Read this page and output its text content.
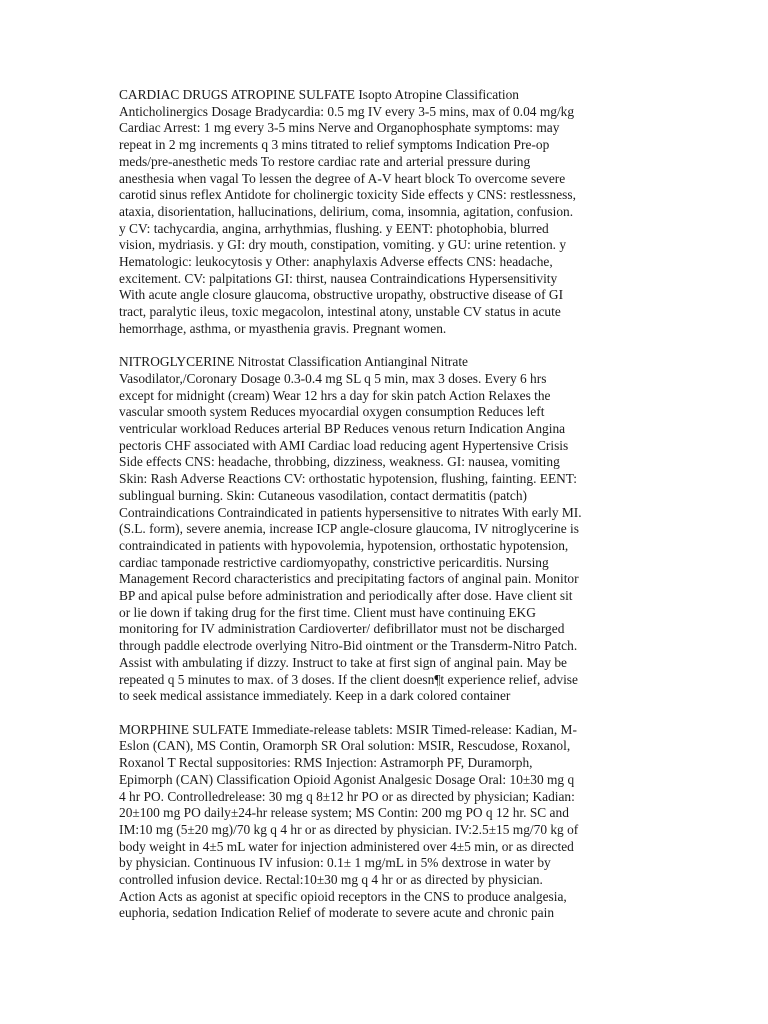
CARDIAC DRUGS ATROPINE SULFATE Isopto Atropine Classification
Anticholinergics Dosage Bradycardia: 0.5 mg IV every 3-5 mins, max of 0.04 mg/kg
Cardiac Arrest: 1 mg every 3-5 mins Nerve and Organophosphate symptoms: may
repeat in 2 mg increments q 3 mins titrated to relief symptoms Indication Pre-op
meds/pre-anesthetic meds To restore cardiac rate and arterial pressure during
anesthesia when vagal To lessen the degree of A-V heart block To overcome severe
carotid sinus reflex Antidote for cholinergic toxicity Side effects y CNS: restlessness,
ataxia, disorientation, hallucinations, delirium, coma, insomnia, agitation, confusion.
y CV: tachycardia, angina, arrhythmias, flushing. y EENT: photophobia, blurred
vision, mydriasis. y GI: dry mouth, constipation, vomiting. y GU: urine retention. y
Hematologic: leukocytosis y Other: anaphylaxis Adverse effects CNS: headache,
excitement. CV: palpitations GI: thirst, nausea Contraindications Hypersensitivity
With acute angle closure glaucoma, obstructive uropathy, obstructive disease of GI
tract, paralytic ileus, toxic megacolon, intestinal atony, unstable CV status in acute
hemorrhage, asthma, or myasthenia gravis. Pregnant women.
NITROGLYCERINE Nitrostat Classification Antianginal Nitrate
Vasodilator,/Coronary Dosage 0.3-0.4 mg SL q 5 min, max 3 doses. Every 6 hrs
except for midnight (cream) Wear 12 hrs a day for skin patch Action Relaxes the
vascular smooth system Reduces myocardial oxygen consumption Reduces left
ventricular workload Reduces arterial BP Reduces venous return Indication Angina
pectoris CHF associated with AMI Cardiac load reducing agent Hypertensive Crisis
Side effects CNS: headache, throbbing, dizziness, weakness. GI: nausea, vomiting
Skin: Rash Adverse Reactions CV: orthostatic hypotension, flushing, fainting. EENT:
sublingual burning. Skin: Cutaneous vasodilation, contact dermatitis (patch)
Contraindications Contraindicated in patients hypersensitive to nitrates With early MI.
(S.L. form), severe anemia, increase ICP angle-closure glaucoma, IV nitroglycerine is
contraindicated in patients with hypovolemia, hypotension, orthostatic hypotension,
cardiac tamponade restrictive cardiomyopathy, constrictive pericarditis. Nursing
Management Record characteristics and precipitating factors of anginal pain. Monitor
BP and apical pulse before administration and periodically after dose. Have client sit
or lie down if taking drug for the first time. Client must have continuing EKG
monitoring for IV administration Cardioverter/ defibrillator must not be discharged
through paddle electrode overlying Nitro-Bid ointment or the Transderm-Nitro Patch.
Assist with ambulating if dizzy. Instruct to take at first sign of anginal pain. May be
repeated q 5 minutes to max. of 3 doses. If the client doesn¶t experience relief, advise
to seek medical assistance immediately. Keep in a dark colored container
MORPHINE SULFATE Immediate-release tablets: MSIR Timed-release: Kadian, M-
Eslon (CAN), MS Contin, Oramorph SR Oral solution: MSIR, Rescudose, Roxanol,
Roxanol T Rectal suppositories: RMS Injection: Astramorph PF, Duramorph,
Epimorph (CAN) Classification Opioid Agonist Analgesic Dosage Oral: 10±30 mg q
4 hr PO. Controlledrelease: 30 mg q 8±12 hr PO or as directed by physician; Kadian:
20±100 mg PO daily±24-hr release system; MS Contin: 200 mg PO q 12 hr. SC and
IM:10 mg (5±20 mg)/70 kg q 4 hr or as directed by physician. IV:2.5±15 mg/70 kg of
body weight in 4±5 mL water for injection administered over 4±5 min, or as directed
by physician. Continuous IV infusion: 0.1± 1 mg/mL in 5% dextrose in water by
controlled infusion device. Rectal:10±30 mg q 4 hr or as directed by physician.
Action Acts as agonist at specific opioid receptors in the CNS to produce analgesia,
euphoria, sedation Indication Relief of moderate to severe acute and chronic pain
